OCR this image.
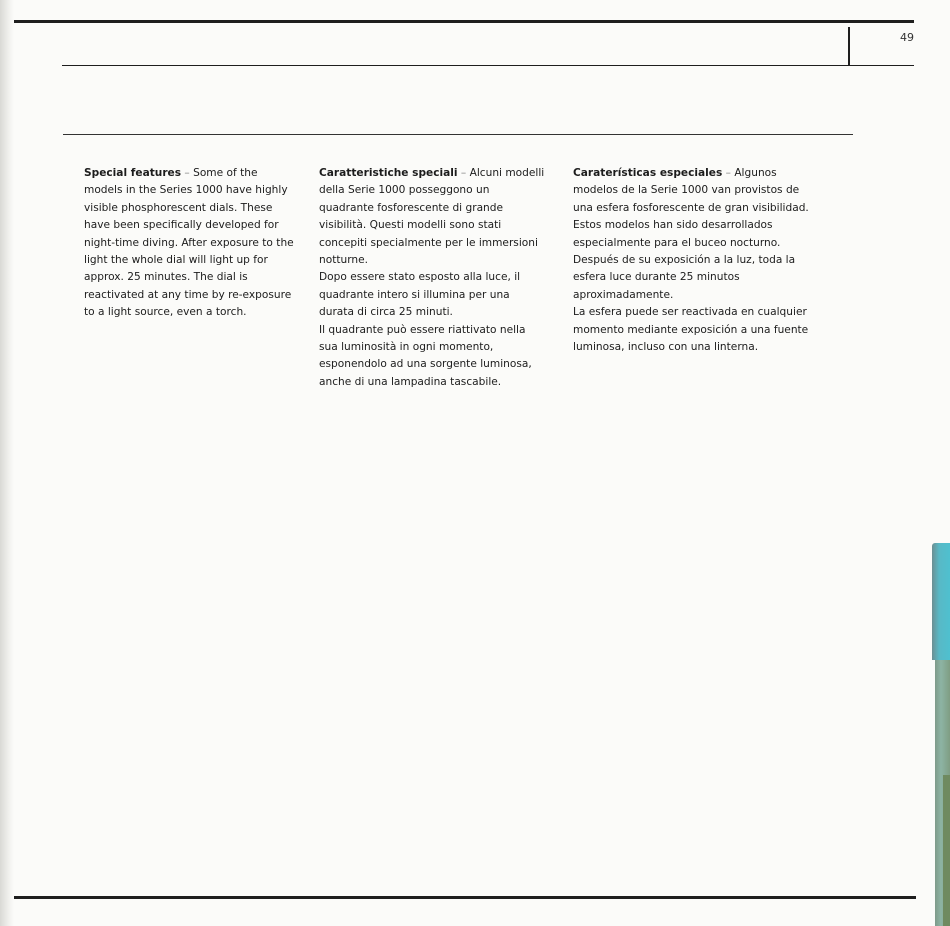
49

Special features – Some of the models in the Series 1000 have highly visible phosphorescent dials. These have been specifically developed for night-time diving. After exposure to the light the whole dial will light up for approx. 25 minutes. The dial is reactivated at any time by re-exposure to a light source, even a torch.

Caratteristiche speciali – Alcuni modelli della Serie 1000 posseggono un quadrante fosforescente di grande visibilità. Questi modelli sono stati concepiti specialmente per le immersioni notturne.

Dopo essere stato esposto alla luce, il quadrante intero si illumina per una durata di circa 25 minuti.

Il quadrante può essere riattivato nella sua luminosità in ogni momento, esponendolo ad una sorgente luminosa, anche di una lampadina tascabile.

Caraterísticas especiales – Algunos modelos de la Serie 1000 van provistos de una esfera fosforescente de gran visibilidad. Estos modelos han sido desarrollados especialmente para el buceo nocturno.

Después de su exposición a la luz, toda la esfera luce durante 25 minutos aproximadamente.

La esfera puede ser reactivada en cualquier momento mediante exposición a una fuente luminosa, incluso con una linterna.
